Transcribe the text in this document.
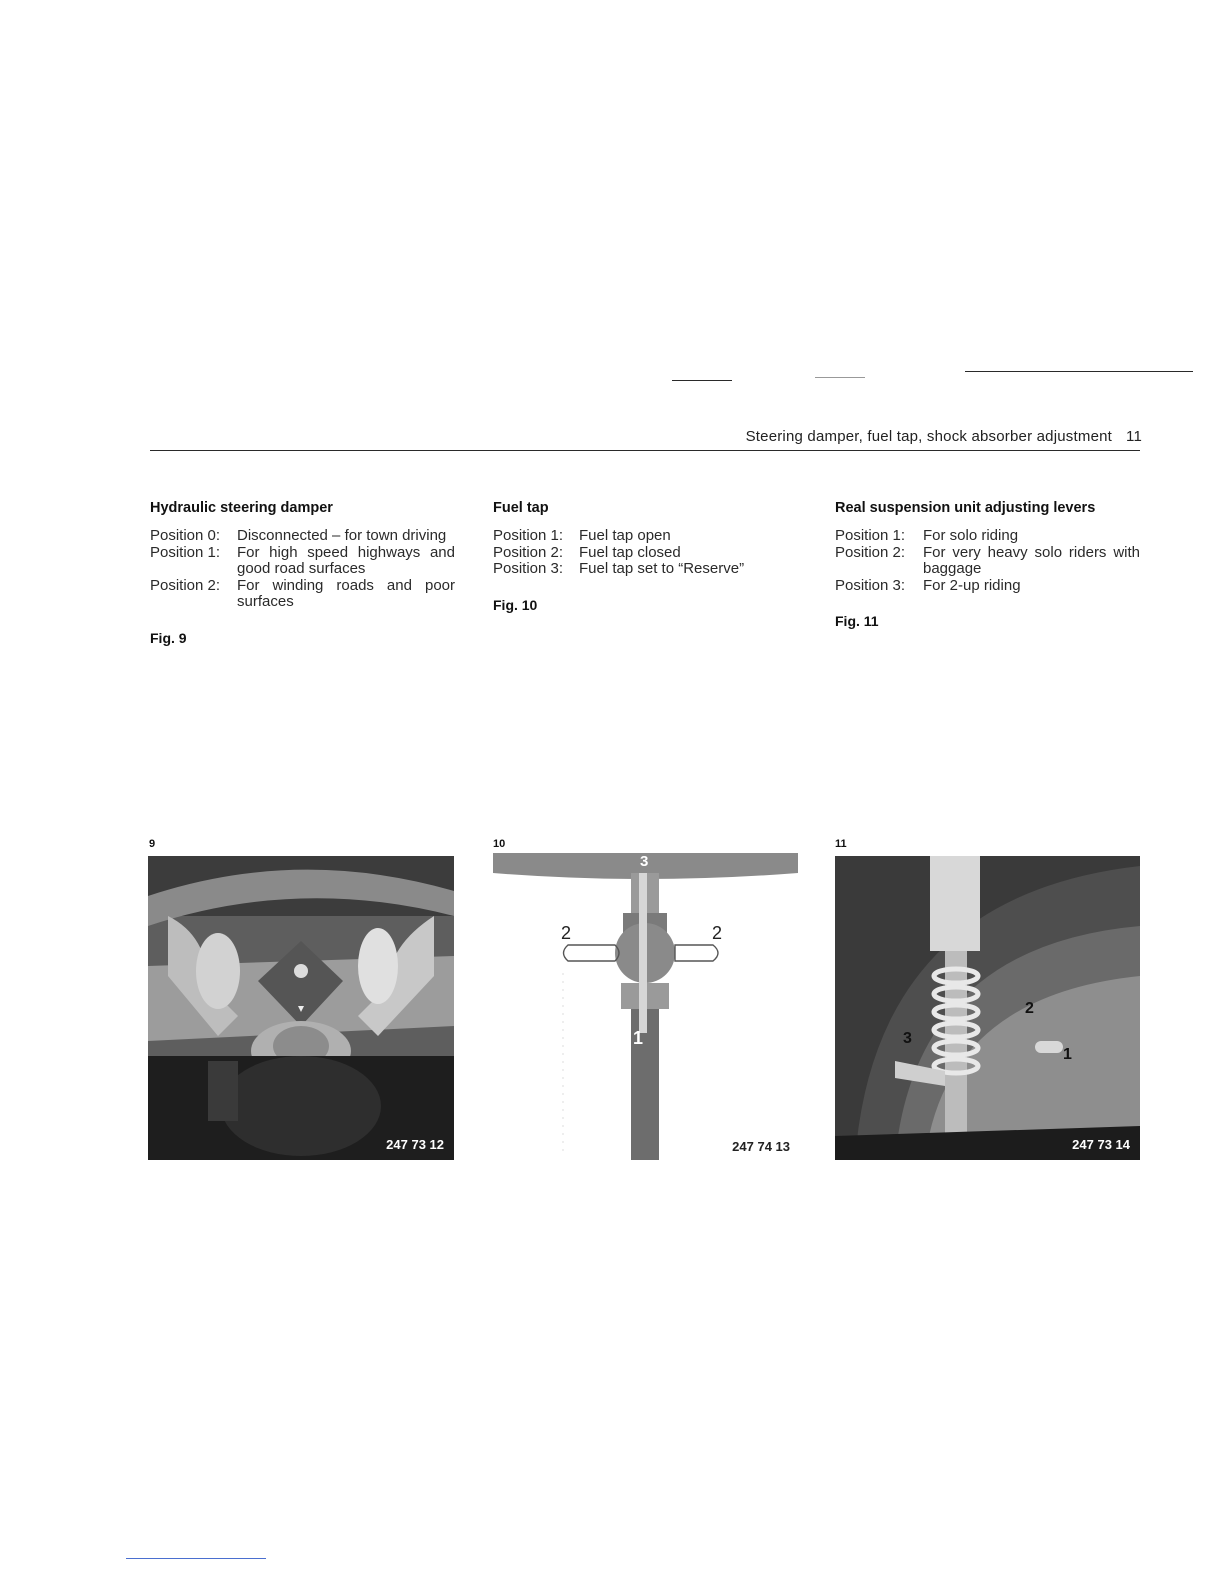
Steering damper, fuel tap, shock absorber adjustment 11
Hydraulic steering damper
Position 0:	Disconnected – for town driving
Position 1:	For high speed highways and good road surfaces
Position 2:	For winding roads and poor surfaces
Fig. 9
Fuel tap
Position 1:	Fuel tap open
Position 2:	Fuel tap closed
Position 3:	Fuel tap set to “Reserve”
Fig. 10
Real suspension unit adjusting levers
Position 1:	For solo riding
Position 2:	For very heavy solo riders with baggage
Position 3:	For 2-up riding
Fig. 11
9	10	11
247 73 12
3
2	2
1
247 74 13
2
3
1
247 73 14
